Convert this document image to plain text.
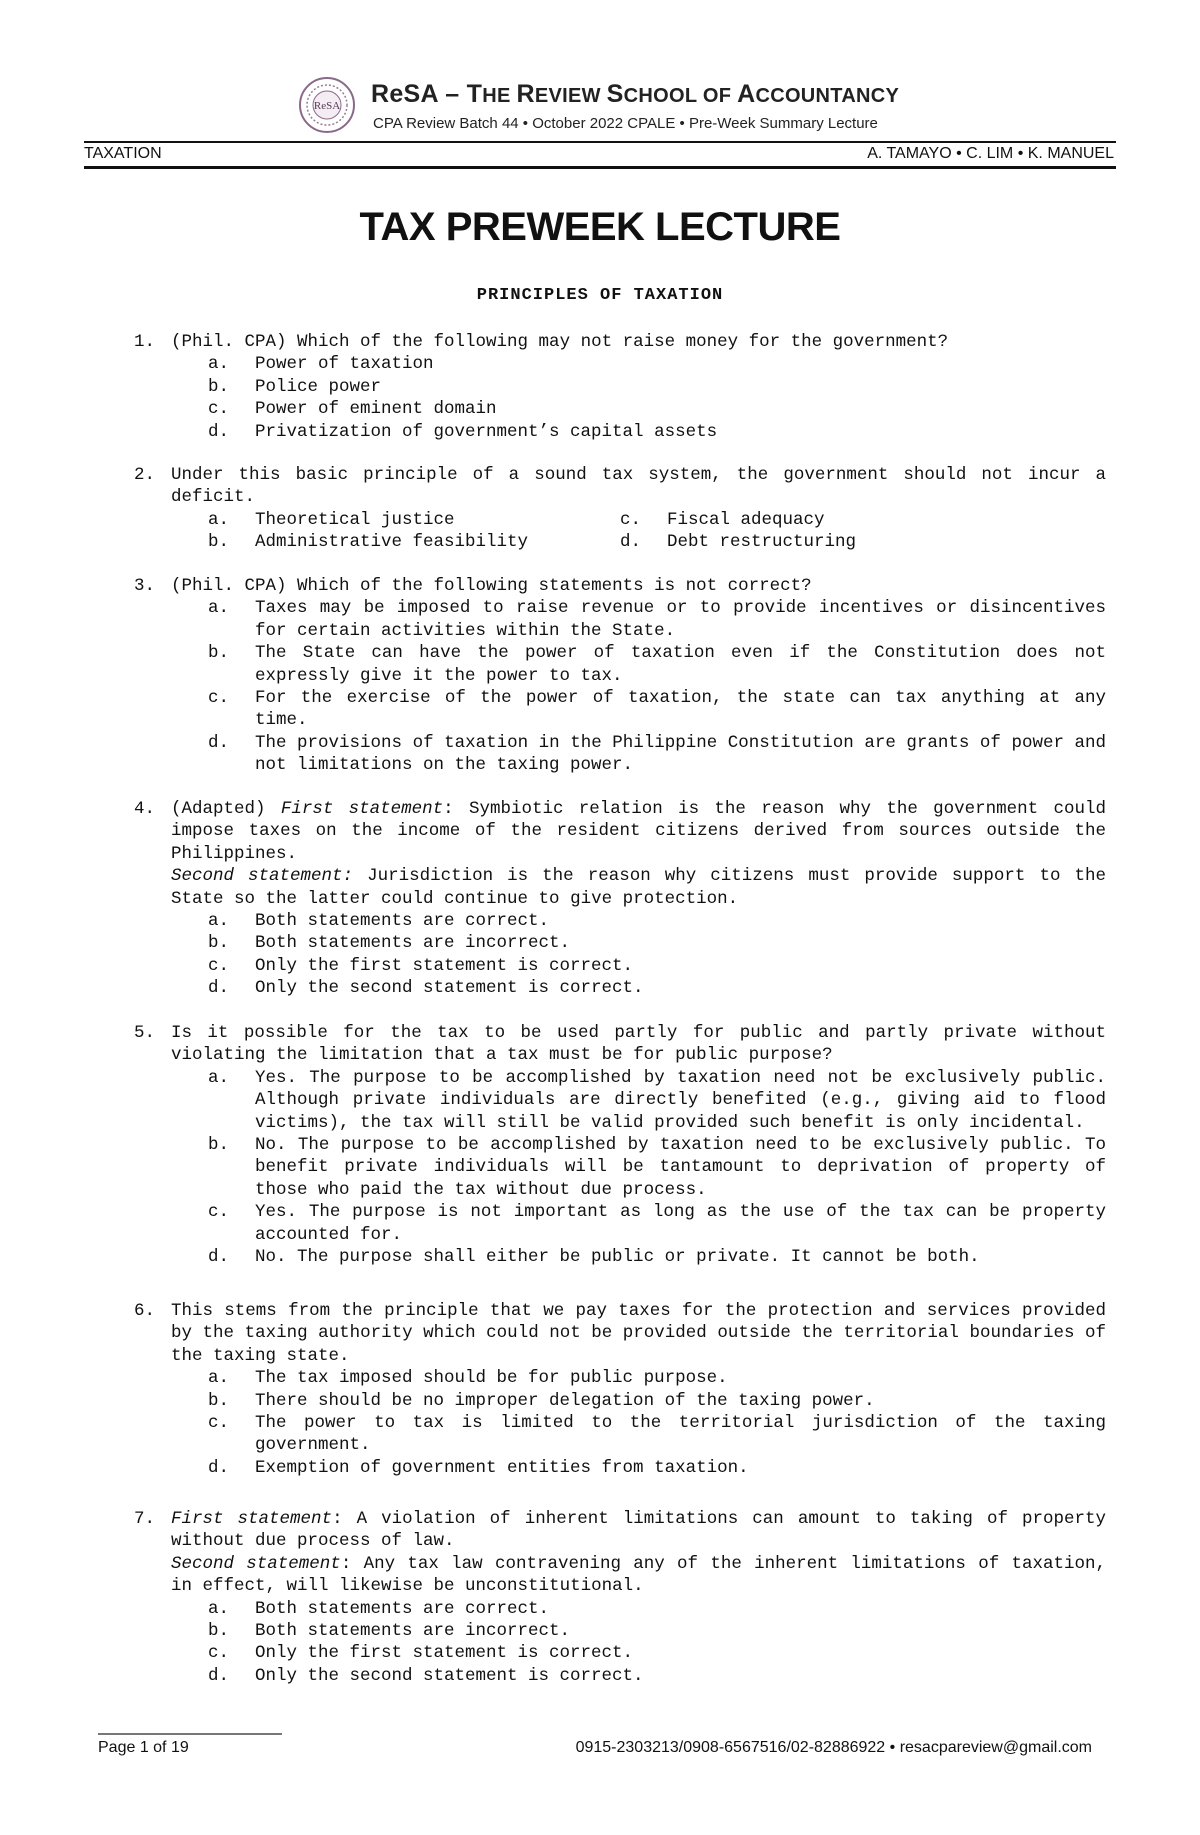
ReSA ReSA – THE REVIEW SCHOOL OF ACCOUNTANCY
CPA Review Batch 44 • October 2022 CPALE • Pre-Week Summary Lecture
TAXATION	A. TAMAYO • C. LIM • K. MANUEL
TAX PREWEEK LECTURE
PRINCIPLES OF TAXATION
1. (Phil. CPA) Which of the following may not raise money for the government?
a. Power of taxation
b. Police power
c. Power of eminent domain
d. Privatization of government’s capital assets
2. Under this basic principle of a sound tax system, the government should not incur a deficit.
a. Theoretical justice	c. Fiscal adequacy
b. Administrative feasibility	d. Debt restructuring
3. (Phil. CPA) Which of the following statements is not correct?
a. Taxes may be imposed to raise revenue or to provide incentives or disincentives for certain activities within the State.
b. The State can have the power of taxation even if the Constitution does not expressly give it the power to tax.
c. For the exercise of the power of taxation, the state can tax anything at any time.
d. The provisions of taxation in the Philippine Constitution are grants of power and not limitations on the taxing power.
4. (Adapted) First statement: Symbiotic relation is the reason why the government could impose taxes on the income of the resident citizens derived from sources outside the Philippines.
Second statement: Jurisdiction is the reason why citizens must provide support to the State so the latter could continue to give protection.
a. Both statements are correct.
b. Both statements are incorrect.
c. Only the first statement is correct.
d. Only the second statement is correct.
5. Is it possible for the tax to be used partly for public and partly private without violating the limitation that a tax must be for public purpose?
a. Yes. The purpose to be accomplished by taxation need not be exclusively public. Although private individuals are directly benefited (e.g., giving aid to flood victims), the tax will still be valid provided such benefit is only incidental.
b. No. The purpose to be accomplished by taxation need to be exclusively public. To benefit private individuals will be tantamount to deprivation of property of those who paid the tax without due process.
c. Yes. The purpose is not important as long as the use of the tax can be property accounted for.
d. No. The purpose shall either be public or private. It cannot be both.
6. This stems from the principle that we pay taxes for the protection and services provided by the taxing authority which could not be provided outside the territorial boundaries of the taxing state.
a. The tax imposed should be for public purpose.
b. There should be no improper delegation of the taxing power.
c. The power to tax is limited to the territorial jurisdiction of the taxing government.
d. Exemption of government entities from taxation.
7. First statement: A violation of inherent limitations can amount to taking of property without due process of law.
Second statement: Any tax law contravening any of the inherent limitations of taxation, in effect, will likewise be unconstitutional.
a. Both statements are correct.
b. Both statements are incorrect.
c. Only the first statement is correct.
d. Only the second statement is correct.
Page 1 of 19	0915-2303213/0908-6567516/02-82886922 • resacpareview@gmail.com
